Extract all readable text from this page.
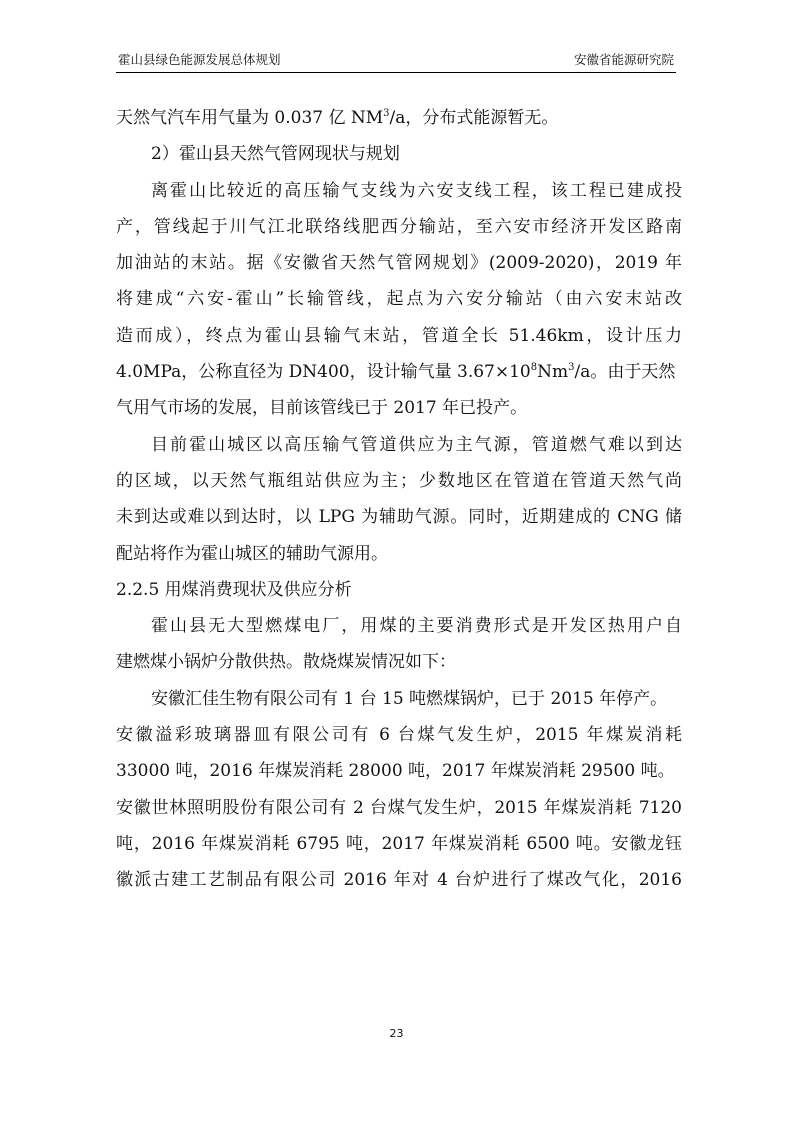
霍山县绿色能源发展总体规划	安徽省能源研究院
天然气汽车用气量为 0.037 亿 $NM^3/a$，分布式能源暂无。
2）霍山县天然气管网现状与规划
离霍山比较近的高压输气支线为六安支线工程，该工程已建成投
产，管线起于川气江北联络线肥西分输站，至六安市经济开发区路南
加油站的末站。据《安徽省天然气管网规划》(2009-2020)，2019 年
将建成“六安-霍山”长输管线，起点为六安分输站（由六安末站改
造而成），终点为霍山县输气末站，管道全长 51.46km，设计压力
4.0MPa，公称直径为 DN400，设计输气量 $3.67\times 10^8Nm^3/a$。由于天然
气用气市场的发展，目前该管线已于 2017 年已投产。
目前霍山城区以高压输气管道供应为主气源，管道燃气难以到达
的区域，以天然气瓶组站供应为主；少数地区在管道在管道天然气尚
未到达或难以到达时，以 LPG 为辅助气源。同时，近期建成的 CNG 储
配站将作为霍山城区的辅助气源用。
2.2.5 用煤消费现状及供应分析
霍山县无大型燃煤电厂，用煤的主要消费形式是开发区热用户自
建燃煤小锅炉分散供热。散烧煤炭情况如下：
安徽汇佳生物有限公司有 1 台 15 吨燃煤锅炉，已于 2015 年停产。
安徽溢彩玻璃器皿有限公司有 6 台煤气发生炉，2015 年煤炭消耗
33000 吨，2016 年煤炭消耗 28000 吨，2017 年煤炭消耗 29500 吨。
安徽世林照明股份有限公司有 2 台煤气发生炉，2015 年煤炭消耗 7120
吨，2016 年煤炭消耗 6795 吨，2017 年煤炭消耗 6500 吨。安徽龙钰
徽派古建工艺制品有限公司 2016 年对 4 台炉进行了煤改气化，2016
23
